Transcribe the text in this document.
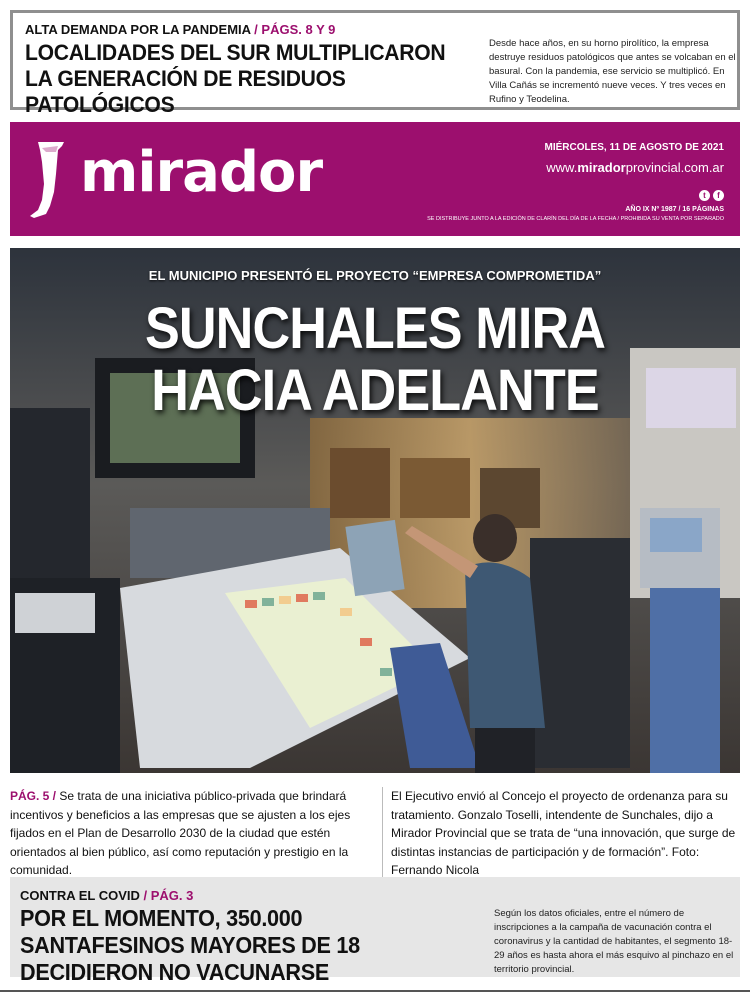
ALTA DEMANDA POR LA PANDEMIA / PÁGS. 8 Y 9
LOCALIDADES DEL SUR MULTIPLICARON LA GENERACIÓN DE RESIDUOS PATOLÓGICOS
Desde hace años, en su horno pirolítico, la empresa destruye residuos patológicos que antes se volcaban en el basural. Con la pandemia, ese servicio se multiplicó. En Villa Cañás se incrementó nueve veces. Y tres veces en Rufino y Teodelina.
mirador	MIÉRCOLES, 11 DE AGOSTO DE 2021
www.miradorprovincial.com.ar
t	f
AÑO IX Nº 1987 / 16 PÁGINAS
SE DISTRIBUYE JUNTO A LA EDICIÓN DE CLARÍN DEL DÍA DE LA FECHA / PROHIBIDA SU VENTA POR SEPARADO
EL MUNICIPIO PRESENTÓ EL PROYECTO “EMPRESA COMPROMETIDA”
SUNCHALES MIRA
HACIA ADELANTE
PÁG. 5 / Se trata de una iniciativa público-privada que brindará incentivos y beneficios a las empresas que se ajusten a los ejes fijados en el Plan de Desarrollo 2030 de la ciudad que estén orientados al bien público, así como reputación y prestigio en la comunidad.
El Ejecutivo envió al Concejo el proyecto de ordenanza para su tratamiento. Gonzalo Toselli, intendente de Sunchales, dijo a Mirador Provincial que se trata de “una innovación, que surge de distintas instancias de participación y de formación”. Foto: Fernando Nicola
CONTRA EL COVID / PÁG. 3
POR EL MOMENTO, 350.000 SANTAFESINOS MAYORES DE 18 DECIDIERON NO VACUNARSE
Según los datos oficiales, entre el número de inscripciones a la campaña de vacunación contra el coronavirus y la cantidad de habitantes, el segmento 18-29 años es hasta ahora el más esquivo al pinchazo en el territorio provincial.
